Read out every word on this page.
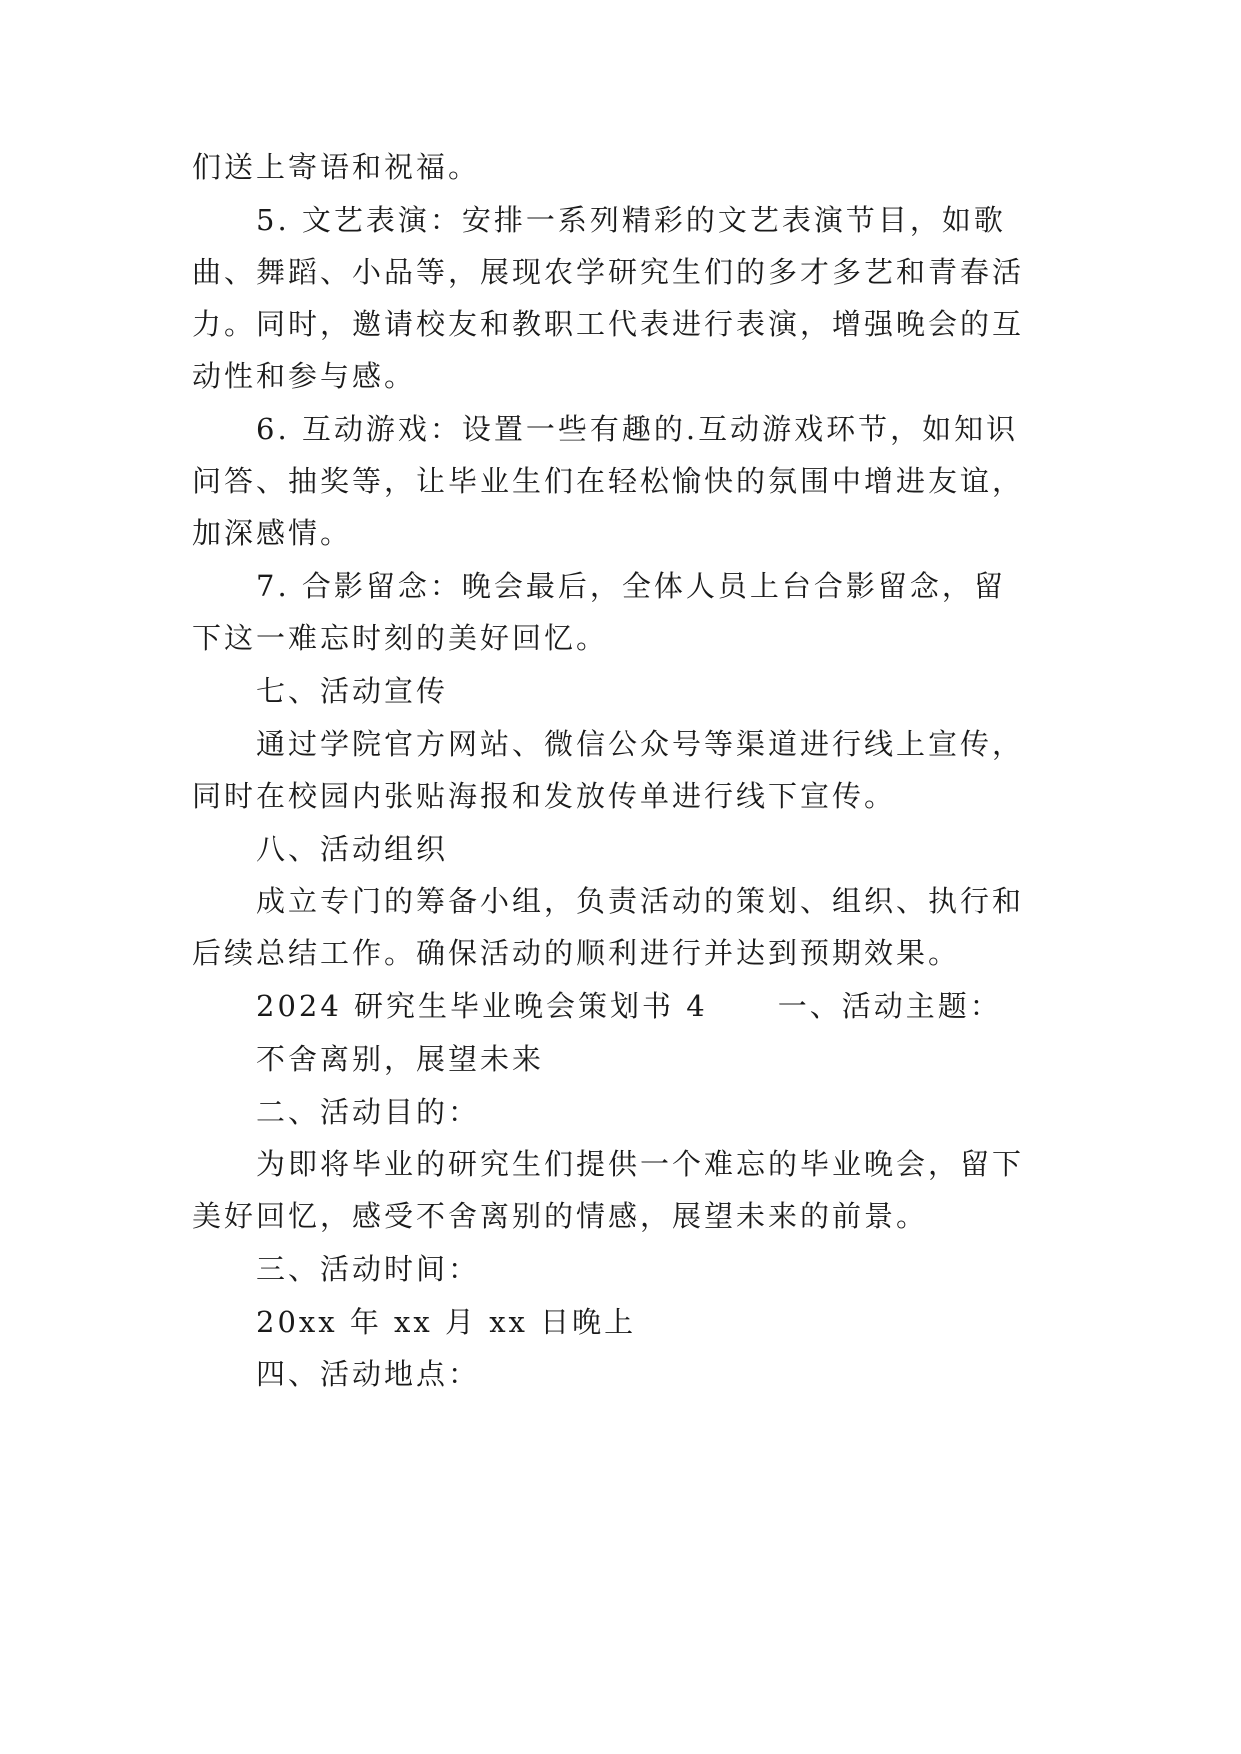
们送上寄语和祝福。
5. 文艺表演：安排一系列精彩的文艺表演节目，如歌
曲、舞蹈、小品等，展现农学研究生们的多才多艺和青春活
力。同时，邀请校友和教职工代表进行表演，增强晚会的互
动性和参与感。
6. 互动游戏：设置一些有趣的.互动游戏环节，如知识
问答、抽奖等，让毕业生们在轻松愉快的氛围中增进友谊，
加深感情。
7. 合影留念：晚会最后，全体人员上台合影留念，留
下这一难忘时刻的美好回忆。
七、活动宣传
通过学院官方网站、微信公众号等渠道进行线上宣传，
同时在校园内张贴海报和发放传单进行线下宣传。
八、活动组织
成立专门的筹备小组，负责活动的策划、组织、执行和
后续总结工作。确保活动的顺利进行并达到预期效果。
2024 研究生毕业晚会策划书 4 一、活动主题：
不舍离别，展望未来
二、活动目的：
为即将毕业的研究生们提供一个难忘的毕业晚会，留下
美好回忆，感受不舍离别的情感，展望未来的前景。
三、活动时间：
20xx 年 xx 月 xx 日晚上
四、活动地点：
